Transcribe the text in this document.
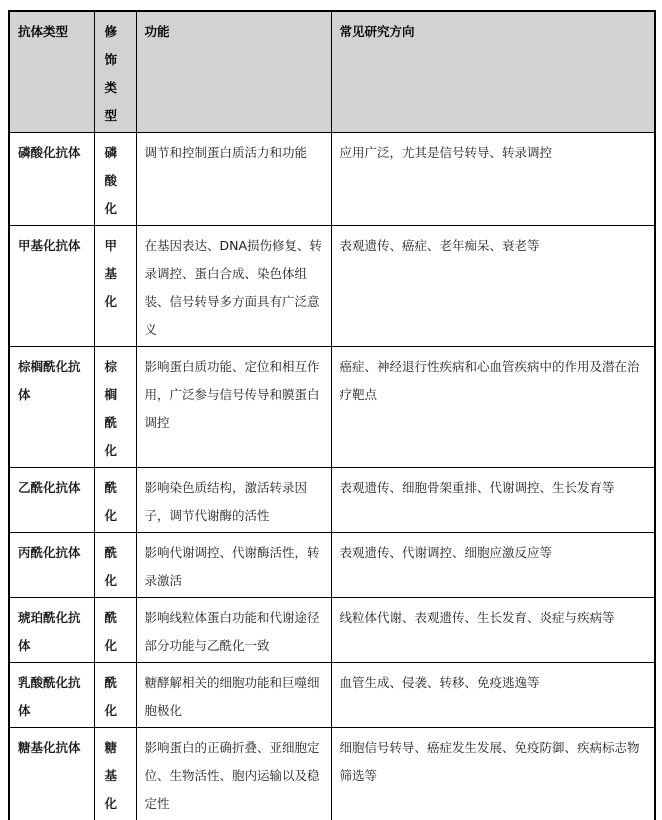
抗体类型	修饰类型	功能	常见研究方向
磷酸化抗体	磷酸化	调节和控制蛋白质活力和功能	应用广泛，尤其是信号转导、转录调控
甲基化抗体	甲基化	在基因表达、DNA损伤修复、转录调控、蛋白合成、染色体组装、信号转导多方面具有广泛意义	表观遗传、癌症、老年痴呆、衰老等
棕榈酰化抗体	棕榈酰化	影响蛋白质功能、定位和相互作用，广泛参与信号传导和膜蛋白调控	癌症、神经退行性疾病和心血管疾病中的作用及潜在治疗靶点
乙酰化抗体	酰化	影响染色质结构，激活转录因子，调节代谢酶的活性	表观遗传、细胞骨架重排、代谢调控、生长发育等
丙酰化抗体	酰化	影响代谢调控、代谢酶活性，转录激活	表观遗传、代谢调控、细胞应激反应等
琥珀酰化抗体	酰化	影响线粒体蛋白功能和代谢途径 部分功能与乙酰化一致	线粒体代谢、表观遗传、生长发育、炎症与疾病等
乳酸酰化抗体	酰化	糖酵解相关的细胞功能和巨噬细胞极化	血管生成、侵袭、转移、免疫逃逸等
糖基化抗体	糖基化	影响蛋白的正确折叠、亚细胞定位、生物活性、胞内运输以及稳定性	细胞信号转导、癌症发生发展、免疫防御、疾病标志物筛选等
